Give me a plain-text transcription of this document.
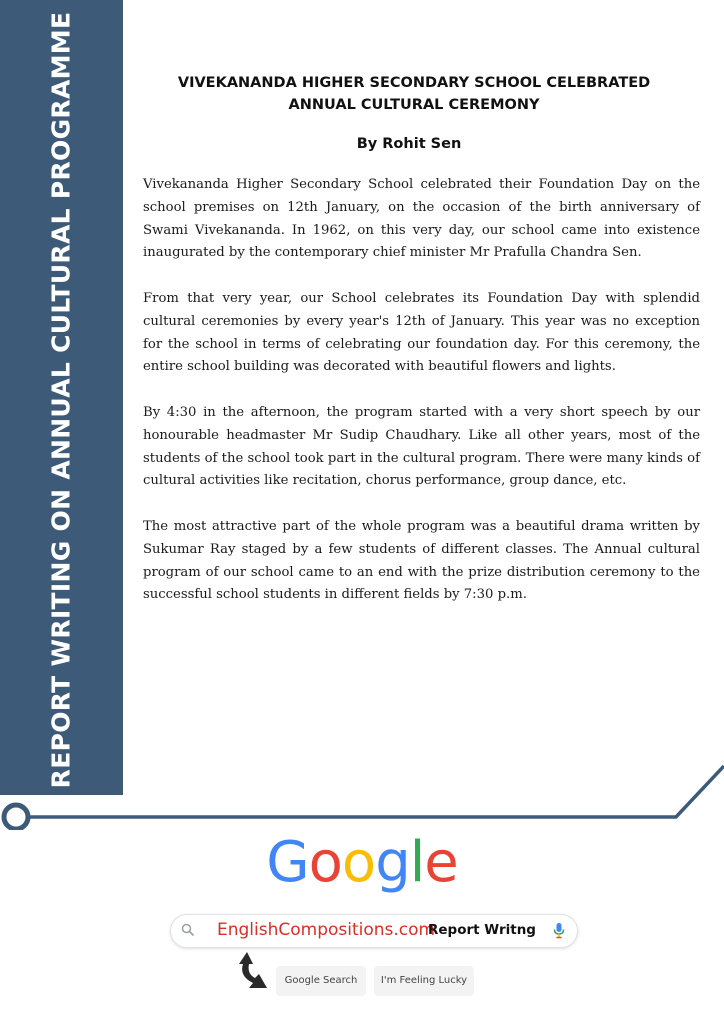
REPORT WRITING ON ANNUAL CULTURAL PROGRAMME	VIVEKANANDA HIGHER SECONDARY SCHOOL CELEBRATED
ANNUAL CULTURAL CEREMONY
By Rohit Sen

Vivekananda Higher Secondary School celebrated their Foundation Day on the school premises on 12th January, on the occasion of the birth anniversary of Swami Vivekananda. In 1962, on this very day, our school came into existence inaugurated by the contemporary chief minister Mr Prafulla Chandra Sen.

From that very year, our School celebrates its Foundation Day with splendid cultural ceremonies by every year's 12th of January. This year was no exception for the school in terms of celebrating our foundation day. For this ceremony, the entire school building was decorated with beautiful flowers and lights.

By 4:30 in the afternoon, the program started with a very short speech by our honourable headmaster Mr Sudip Chaudhary. Like all other years, most of the students of the school took part in the cultural program. There were many kinds of cultural activities like recitation, chorus performance, group dance, etc.

The most attractive part of the whole program was a beautiful drama written by Sukumar Ray staged by a few students of different classes. The Annual cultural program of our school came to an end with the prize distribution ceremony to the successful school students in different fields by 7:30 p.m.

Google
EnglishCompositions.com
Report Writng
Google Search	I'm Feeling Lucky
